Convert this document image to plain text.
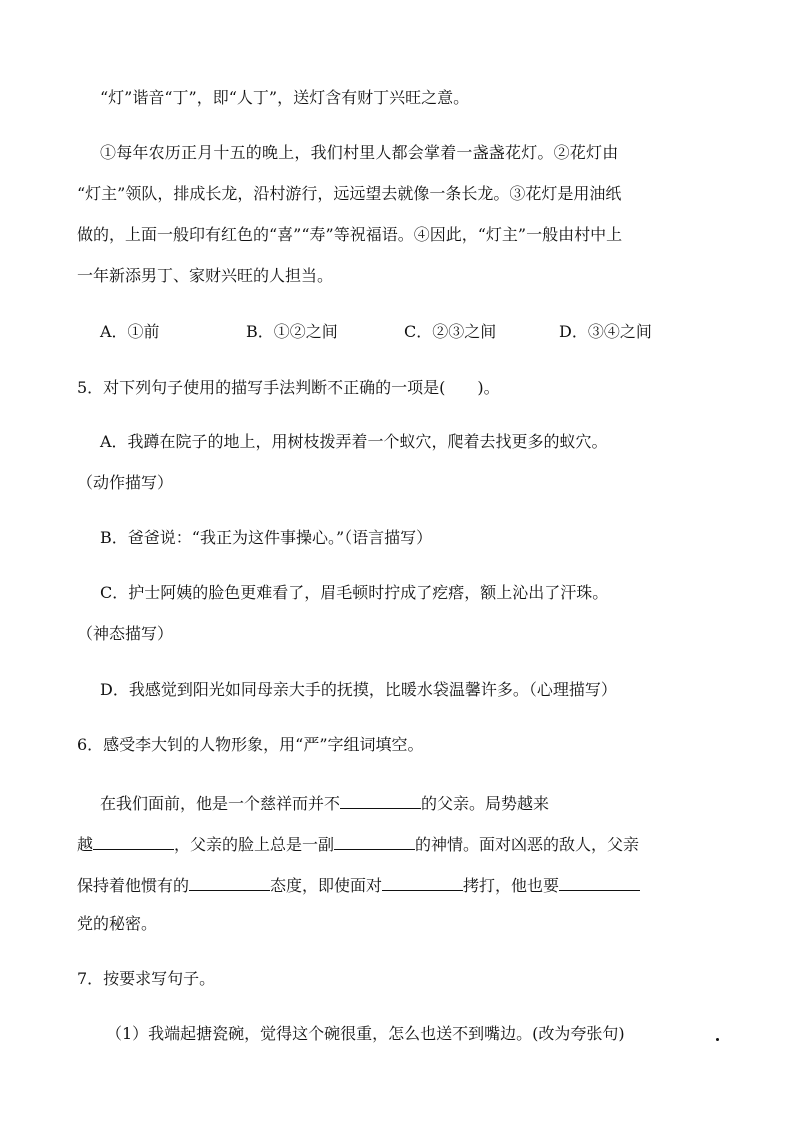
“灯”谐音“丁”，即“人丁”，送灯含有财丁兴旺之意。
①每年农历正月十五的晚上，我们村里人都会掌着一盏盏花灯。②花灯由
“灯主”领队，排成长龙，沿村游行，远远望去就像一条长龙。③花灯是用油纸
做的，上面一般印有红色的“喜”“寿”等祝福语。④因此，“灯主”一般由村中上
一年新添男丁、家财兴旺的人担当。
A．①前	B．①②之间	C．②③之间	D．③④之间
5．对下列句子使用的描写手法判断不正确的一项是(　　)。
A．我蹲在院子的地上，用树枝拨弄着一个蚁穴，爬着去找更多的蚁穴。
（动作描写）
B．爸爸说：“我正为这件事操心。”（语言描写）
C．护士阿姨的脸色更难看了，眉毛顿时拧成了疙瘩，额上沁出了汗珠。
（神态描写）
D．我感觉到阳光如同母亲大手的抚摸，比暖水袋温馨许多。（心理描写）
6．感受李大钊的人物形象，用“严”字组词填空。
在我们面前，他是一个慈祥而并不	的父亲。局势越来
越	，父亲的脸上总是一副	的神情。面对凶恶的敌人，父亲
保持着他惯有的	态度，即使面对	拷打，他也要
党的秘密。
7．按要求写句子。
（1）我端起搪瓷碗，觉得这个碗很重，怎么也送不到嘴边。(改为夸张句)
